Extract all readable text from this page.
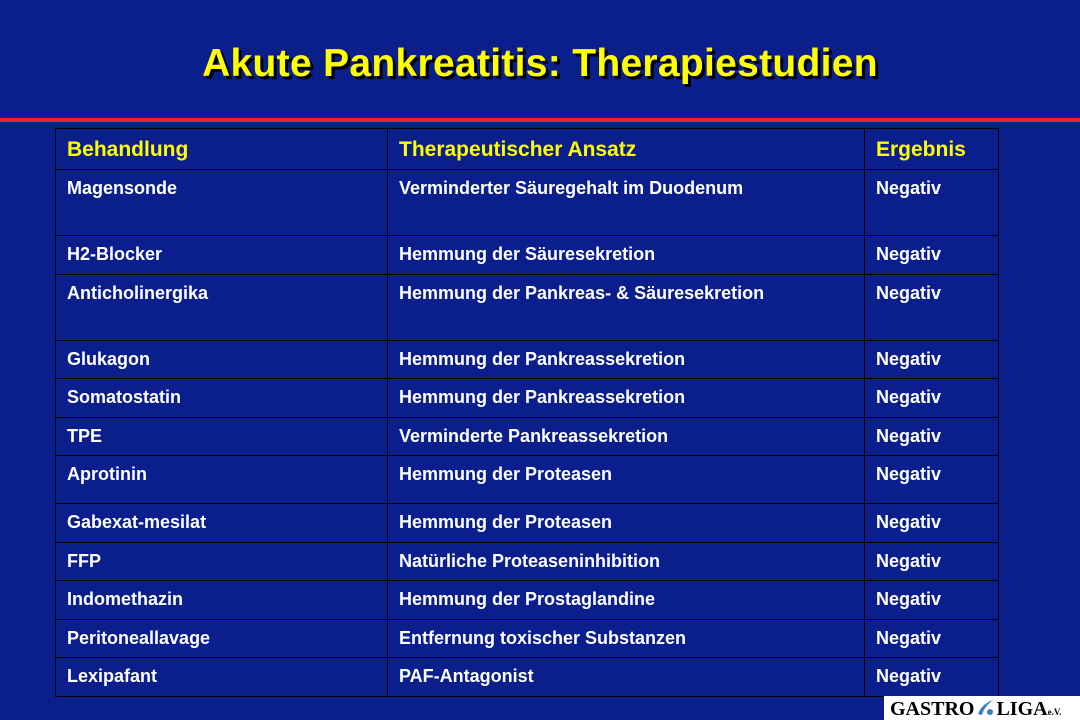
Akute Pankreatitis: Therapiestudien
Behandlung	Therapeutischer Ansatz	Ergebnis
Magensonde	Verminderter Säuregehalt im Duodenum	Negativ
H2-Blocker	Hemmung der Säuresekretion	Negativ
Anticholinergika	Hemmung der Pankreas- & Säuresekretion	Negativ
Glukagon	Hemmung der Pankreassekretion	Negativ
Somatostatin	Hemmung der Pankreassekretion	Negativ
TPE	Verminderte Pankreassekretion	Negativ
Aprotinin	Hemmung der Proteasen	Negativ
Gabexat-mesilat	Hemmung der Proteasen	Negativ
FFP	Natürliche Proteaseninhibition	Negativ
Indomethazin	Hemmung der Prostaglandine	Negativ
Peritoneallavage	Entfernung toxischer Substanzen	Negativ
Lexipafant	PAF-Antagonist	Negativ
GASTRO LIGAe.V.
